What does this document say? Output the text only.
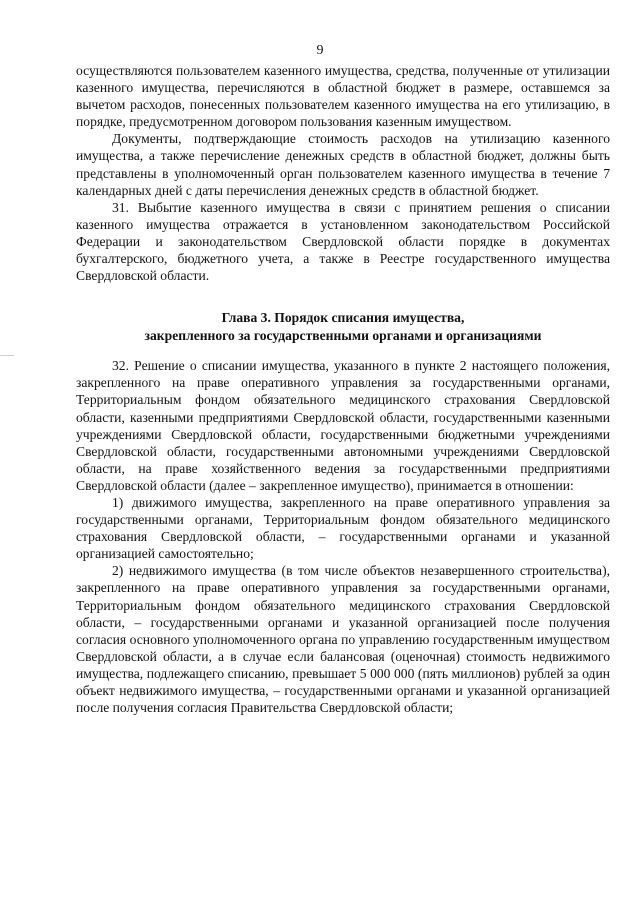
9

осуществляются пользователем казенного имущества, средства, полученные от утилизации казенного имущества, перечисляются в областной бюджет в размере, оставшемся за вычетом расходов, понесенных пользователем казенного имущества на его утилизацию, в порядке, предусмотренном договором пользования казенным имуществом.

Документы, подтверждающие стоимость расходов на утилизацию казенного имущества, а также перечисление денежных средств в областной бюджет, должны быть представлены в уполномоченный орган пользователем казенного имущества в течение 7 календарных дней с даты перечисления денежных средств в областной бюджет.

31. Выбытие казенного имущества в связи с принятием решения о списании казенного имущества отражается в установленном законодательством Российской Федерации и законодательством Свердловской области порядке в документах бухгалтерского, бюджетного учета, а также в Реестре государственного имущества Свердловской области.

Глава 3. Порядок списания имущества,
закрепленного за государственными органами и организациями

32. Решение о списании имущества, указанного в пункте 2 настоящего положения, закрепленного на праве оперативного управления за государственными органами, Территориальным фондом обязательного медицинского страхования Свердловской области, казенными предприятиями Свердловской области, государственными казенными учреждениями Свердловской области, государственными бюджетными учреждениями Свердловской области, государственными автономными учреждениями Свердловской области, на праве хозяйственного ведения за государственными предприятиями Свердловской области (далее – закрепленное имущество), принимается в отношении:

1) движимого имущества, закрепленного на праве оперативного управления за государственными органами, Территориальным фондом обязательного медицинского страхования Свердловской области, – государственными органами и указанной организацией самостоятельно;

2) недвижимого имущества (в том числе объектов незавершенного строительства), закрепленного на праве оперативного управления за государственными органами, Территориальным фондом обязательного медицинского страхования Свердловской области, – государственными органами и указанной организацией после получения согласия основного уполномоченного органа по управлению государственным имуществом Свердловской области, а в случае если балансовая (оценочная) стоимость недвижимого имущества, подлежащего списанию, превышает 5 000 000 (пять миллионов) рублей за один объект недвижимого имущества, – государственными органами и указанной организацией после получения согласия Правительства Свердловской области;
